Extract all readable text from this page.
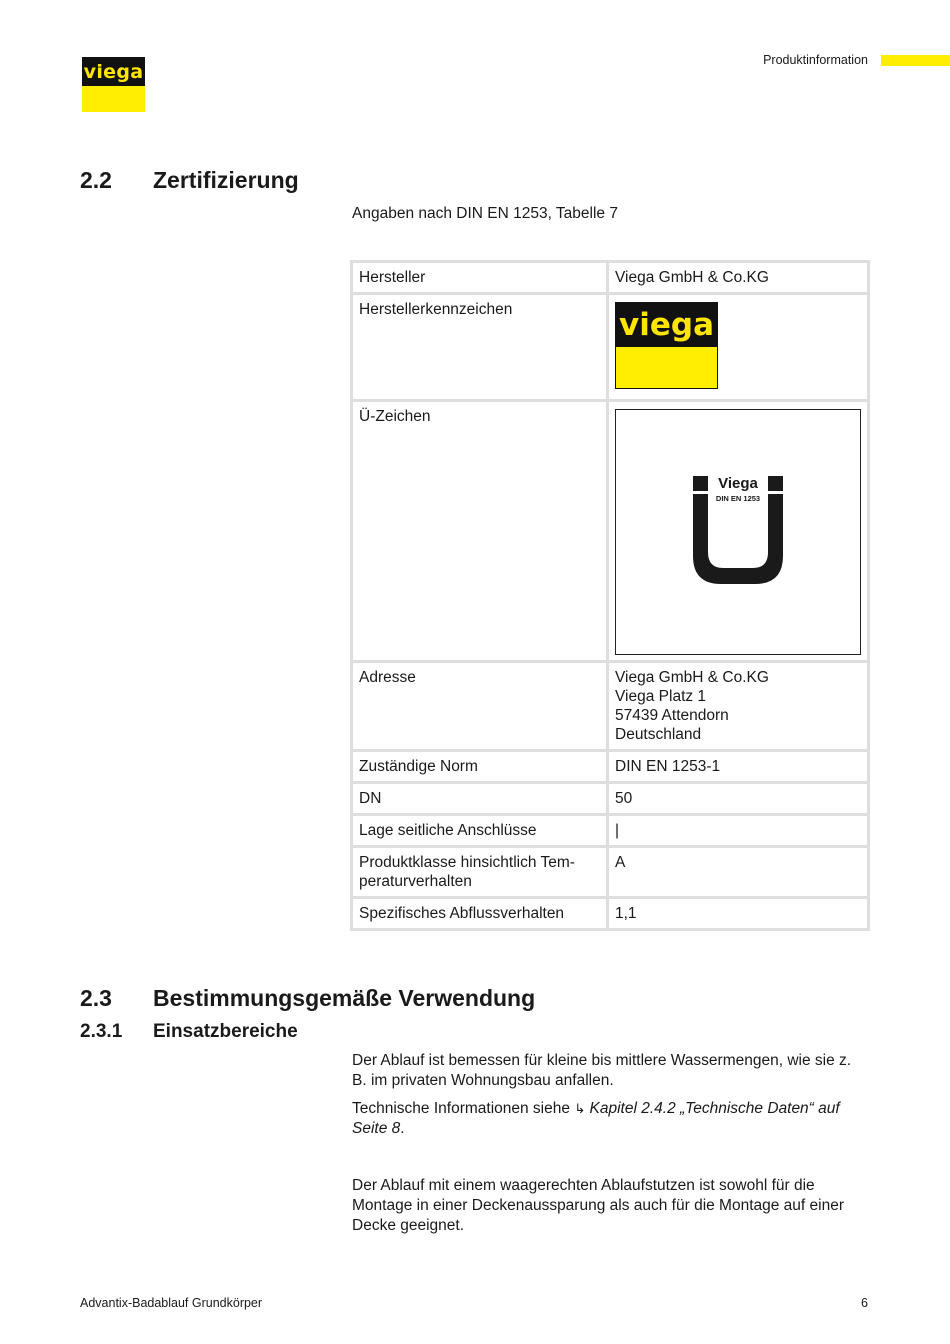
viega
Produktinformation
2.2 Zertifizierung
Angaben nach DIN EN 1253, Tabelle 7
Hersteller	Viega GmbH & Co.KG
Herstellerkennzeichen	viega

Ü-Zeichen	Viega
DIN EN 1253

Adresse	Viega GmbH & Co.KG
Viega Platz 1
57439 Attendorn
Deutschland

Zuständige Norm	DIN EN 1253-1
DN	50
Lage seitliche Anschlüsse	|
Produktklasse hinsichtlich Tem-
peraturverhalten	A
Spezifisches Abflussverhalten	1,1
2.3 Bestimmungsgemäße Verwendung
2.3.1 Einsatzbereiche
Der Ablauf ist bemessen für kleine bis mittlere Wassermengen, wie sie z. B. im privaten Wohnungsbau anfallen.
Technische Informationen siehe ↳ Kapitel 2.4.2 „Technische Daten“ auf Seite 8.
Der Ablauf mit einem waagerechten Ablaufstutzen ist sowohl für die Montage in einer Deckenaussparung als auch für die Montage auf einer Decke geeignet.
Advantix-Badablauf Grundkörper	6
